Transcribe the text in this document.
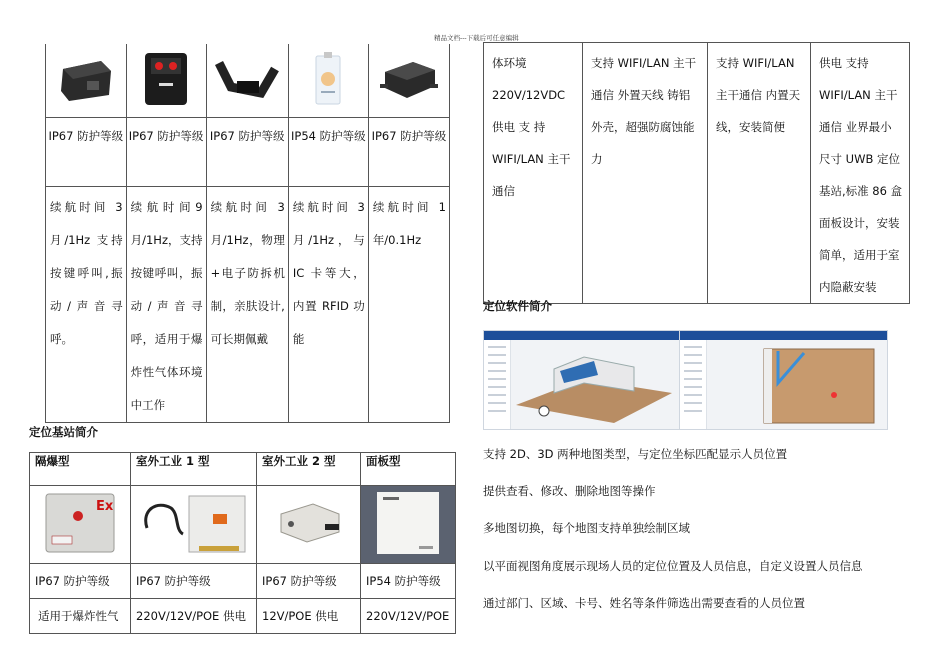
精品文档---下载后可任意编辑

IP67 防护等级	IP67 防护等级	IP67 防护等级	IP54 防护等级	IP67 防护等级
续航时间 3 月/1Hz 支持按键呼叫,振动/声音寻呼。	续 航 时 间 9 月/1Hz，支持按键呼叫，振动/声音寻呼，适用于爆炸性气体环境中工作	续航时间 3 月/1Hz，物理+电子防拆机制，亲肤设计,可长期佩戴	续航时间 3 月/1Hz，与 IC 卡等大，内置 RFID 功能	续航时间 1 年/0.1Hz
定位基站简介
隔爆型	室外工业 1 型	室外工业 2 型	面板型

Ex

IP67 防护等级	IP67 防护等级	IP67 防护等级	IP54 防护等级
适用于爆炸性气	220V/12V/POE 供电	12V/POE 供电	220V/12V/POE
体环境 220V/12VDC 供电 支 持 WIFI/LAN 主干通信	支持 WIFI/LAN 主干通信 外置天线 铸铝外壳，超强防腐蚀能力	支持 WIFI/LAN 主干通信 内置天线，安装简便	供电 支持 WIFI/LAN 主干通信 业界最小尺寸 UWB 定位基站,标准 86 盒面板设计，安装简单，适用于室内隐蔽安装
定位软件简介
支持 2D、3D 两种地图类型，与定位坐标匹配显示人员位置
提供查看、修改、删除地图等操作
多地图切换，每个地图支持单独绘制区域
以平面视图角度展示现场人员的定位位置及人员信息，自定义设置人员信息
通过部门、区域、卡号、姓名等条件筛选出需要查看的人员位置
